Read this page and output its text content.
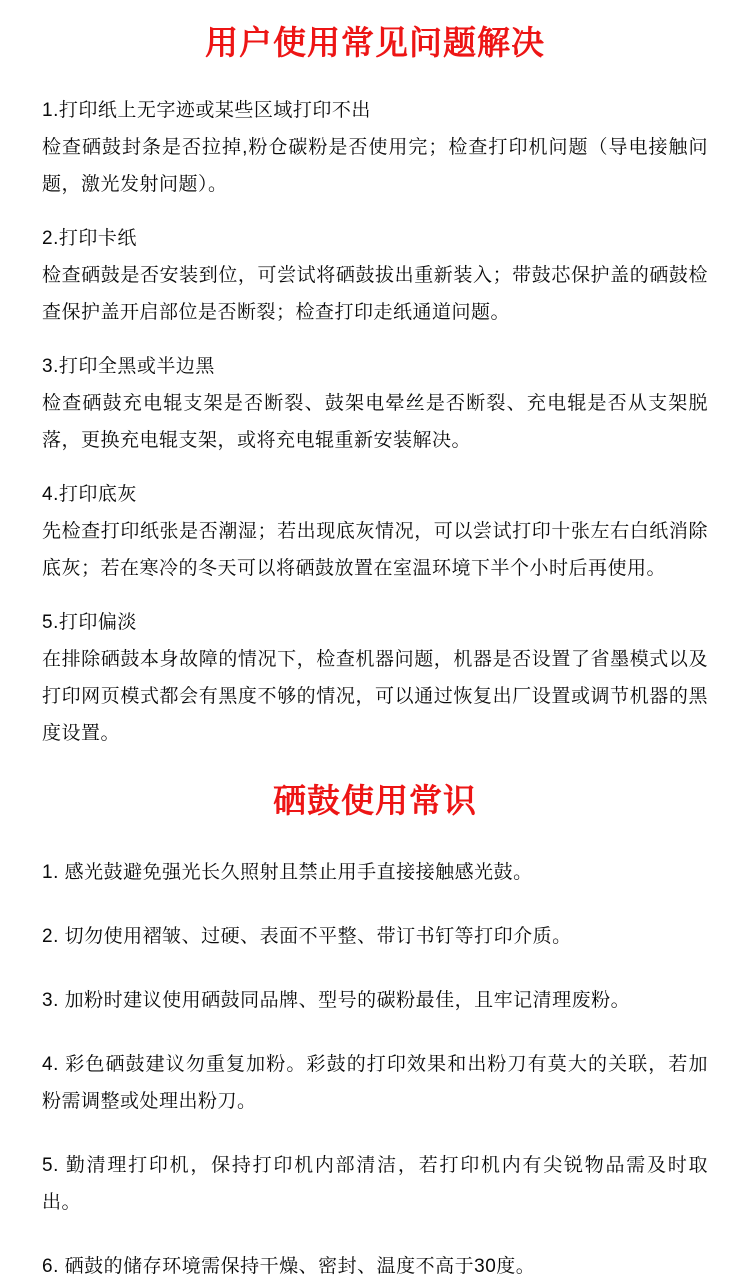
用户使用常见问题解决

1.打印纸上无字迹或某些区域打印不出

检查硒鼓封条是否拉掉,粉仓碳粉是否使用完；检查打印机问题（导电接触问题，激光发射问题）。

2.打印卡纸

检查硒鼓是否安装到位，可尝试将硒鼓拔出重新装入；带鼓芯保护盖的硒鼓检查保护盖开启部位是否断裂；检查打印走纸通道问题。

3.打印全黑或半边黑

检查硒鼓充电辊支架是否断裂、鼓架电晕丝是否断裂、充电辊是否从支架脱落，更换充电辊支架，或将充电辊重新安装解决。

4.打印底灰

先检查打印纸张是否潮湿；若出现底灰情况，可以尝试打印十张左右白纸消除底灰；若在寒冷的冬天可以将硒鼓放置在室温环境下半个小时后再使用。

5.打印偏淡

在排除硒鼓本身故障的情况下，检查机器问题，机器是否设置了省墨模式以及打印网页模式都会有黑度不够的情况，可以通过恢复出厂设置或调节机器的黑度设置。

硒鼓使用常识

1. 感光鼓避免强光长久照射且禁止用手直接接触感光鼓。

2. 切勿使用褶皱、过硬、表面不平整、带订书钉等打印介质。

3. 加粉时建议使用硒鼓同品牌、型号的碳粉最佳，且牢记清理废粉。

4. 彩色硒鼓建议勿重复加粉。彩鼓的打印效果和出粉刀有莫大的关联，若加粉需调整或处理出粉刀。

5. 勤清理打印机，保持打印机内部清洁，若打印机内有尖锐物品需及时取出。

6. 硒鼓的储存环境需保持干燥、密封、温度不高于30度。
